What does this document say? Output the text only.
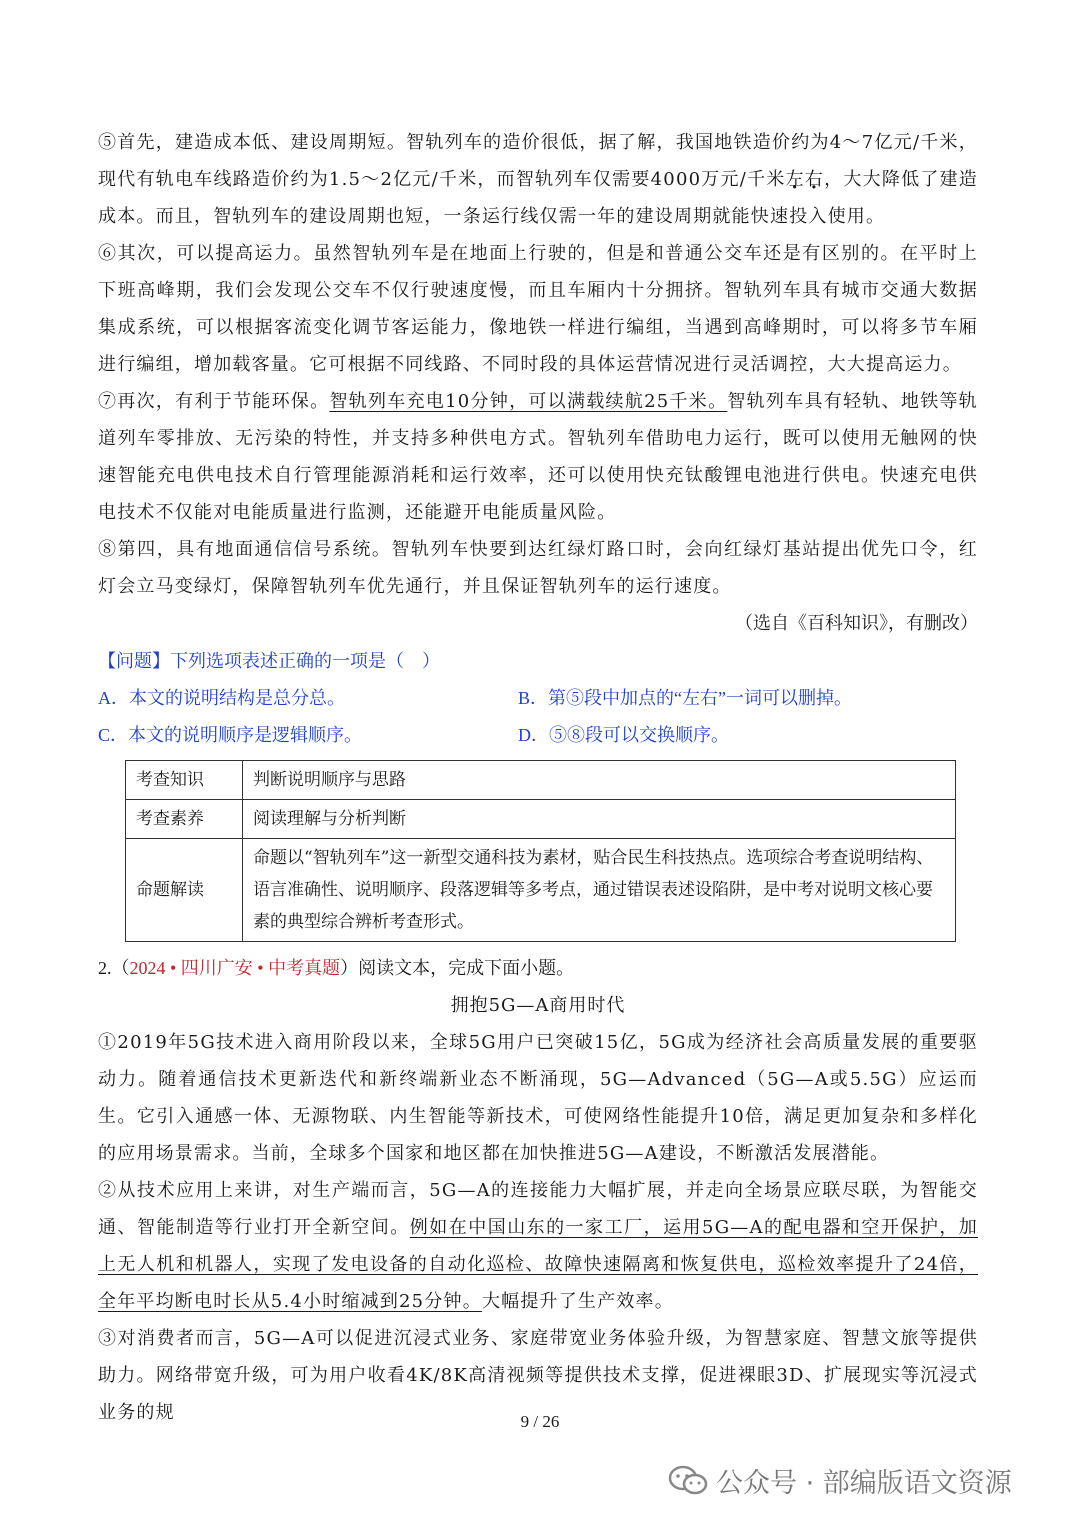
⑤首先，建造成本低、建设周期短。智轨列车的造价很低，据了解，我国地铁造价约为4～7亿元/千米，现代有轨电车线路造价约为1.5～2亿元/千米，而智轨列车仅需要4000万元/千米左右，大大降低了建造成本。而且，智轨列车的建设周期也短，一条运行线仅需一年的建设周期就能快速投入使用。

⑥其次，可以提高运力。虽然智轨列车是在地面上行驶的，但是和普通公交车还是有区别的。在平时上下班高峰期，我们会发现公交车不仅行驶速度慢，而且车厢内十分拥挤。智轨列车具有城市交通大数据集成系统，可以根据客流变化调节客运能力，像地铁一样进行编组，当遇到高峰期时，可以将多节车厢进行编组，增加载客量。它可根据不同线路、不同时段的具体运营情况进行灵活调控，大大提高运力。

⑦再次，有利于节能环保。智轨列车充电10分钟，可以满载续航25千米。智轨列车具有轻轨、地铁等轨道列车零排放、无污染的特性，并支持多种供电方式。智轨列车借助电力运行，既可以使用无触网的快速智能充电供电技术自行管理能源消耗和运行效率，还可以使用快充钛酸锂电池进行供电。快速充电供电技术不仅能对电能质量进行监测，还能避开电能质量风险。

⑧第四，具有地面通信信号系统。智轨列车快要到达红绿灯路口时，会向红绿灯基站提出优先口令，红灯会立马变绿灯，保障智轨列车优先通行，并且保证智轨列车的运行速度。

（选自《百科知识》，有删改）

【问题】下列选项表述正确的一项是（　）

A．本文的说明结构是总分总。	B．第⑤段中加点的“左右”一词可以删掉。
C．本文的说明顺序是逻辑顺序。	D．⑤⑧段可以交换顺序。
考查知识	判断说明顺序与思路
考查素养	阅读理解与分析判断
命题解读	命题以“智轨列车”这一新型交通科技为素材，贴合民生科技热点。选项综合考查说明结构、语言准确性、说明顺序、段落逻辑等多考点，通过错误表述设陷阱，是中考对说明文核心要素的典型综合辨析考查形式。

2.（2024 • 四川广安 • 中考真题）阅读文本，完成下面小题。

拥抱5G—A商用时代

①2019年5G技术进入商用阶段以来，全球5G用户已突破15亿，5G成为经济社会高质量发展的重要驱动力。随着通信技术更新迭代和新终端新业态不断涌现，5G—Advanced（5G—A或5.5G）应运而生。它引入通感一体、无源物联、内生智能等新技术，可使网络性能提升10倍，满足更加复杂和多样化的应用场景需求。当前，全球多个国家和地区都在加快推进5G—A建设，不断激活发展潜能。

②从技术应用上来讲，对生产端而言，5G—A的连接能力大幅扩展，并走向全场景应联尽联，为智能交通、智能制造等行业打开全新空间。例如在中国山东的一家工厂，运用5G—A的配电器和空开保护，加上无人机和机器人，实现了发电设备的自动化巡检、故障快速隔离和恢复供电，巡检效率提升了24倍，全年平均断电时长从5.4小时缩减到25分钟。大幅提升了生产效率。

③对消费者而言，5G—A可以促进沉浸式业务、家庭带宽业务体验升级，为智慧家庭、智慧文旅等提供助力。网络带宽升级，可为用户收看4K/8K高清视频等提供技术支撑，促进裸眼3D、扩展现实等沉浸式业务的规	9 / 26
公众号 · 部编版语文资源
